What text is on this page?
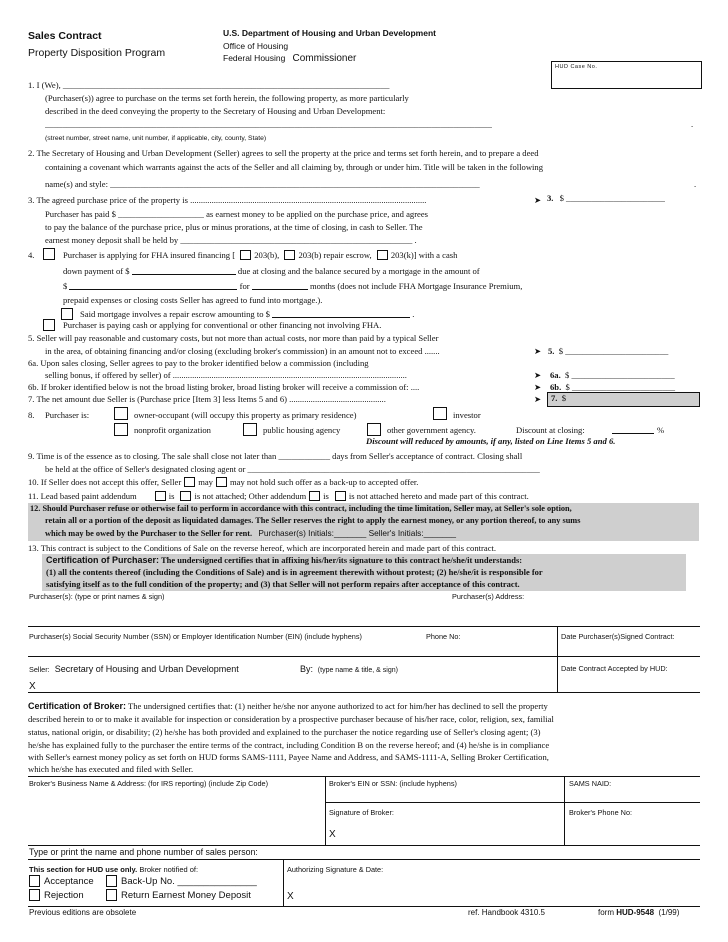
Sales Contract
Property Disposition Program
U.S. Department of Housing and Urban Development
Office of Housing
Federal Housing Commissioner
HUD Case No.
1. I (We), ____________________________________________________________________________
(Purchaser(s)) agree to purchase on the terms set forth herein, the following property, as more particularly
described in the deed conveying the property to the Secretary of Housing and Urban Development:
________________________________________________________________________________________________________	.
(street number, street name, unit number, if applicable, city, county, State)
2. The Secretary of Housing and Urban Development (Seller) agrees to sell the property at the price and terms set forth herein, and to prepare a deed
containing a covenant which warrants against the acts of the Seller and all claiming by, through or under him. Title will be taken in the following
name(s) and style: ______________________________________________________________________________________	.
3. The agreed purchase price of the property is ..............................................................................................................	➤ 3. $ _______________________
Purchaser has paid $ ____________________ as earnest money to be applied on the purchase price, and agrees
to pay the balance of the purchase price, plus or minus prorations, at the time of closing, in cash to Seller. The
earnest money deposit shall be held by ______________________________________________________ .
4.	Purchaser is applying for FHA insured financing [ 203(b), 203(b) repair escrow, 203(k)] with a cash
down payment of $	due at closing and the balance secured by a mortgage in the amount of
$	for	months (does not include FHA Mortgage Insurance Premium,
prepaid expenses or closing costs Seller has agreed to fund into mortgage.).
Said mortgage involves a repair escrow amounting to $	.
Purchaser is paying cash or applying for conventional or other financing not involving FHA.
5. Seller will pay reasonable and customary costs, but not more than actual costs, nor more than paid by a typical Seller
in the area, of obtaining financing and/or closing (excluding broker's commission) in an amount not to exceed .......	➤ 5. $ ________________________
6a. Upon sales closing, Seller agrees to pay to the broker identified below a commission (including
selling bonus, if offered by seller) of .............................................................................................................	➤ 6a. $ ________________________
6b. If broker identified below is not the broad listing broker, broad listing broker will receive a commission of: ....	➤ 6b. $ ________________________
7. The net amount due Seller is (Purchase price [Item 3] less Items 5 and 6) .............................................	➤	7. $
8. Purchaser is:	owner-occupant (will occupy this property as primary residence)	investor
nonprofit organization	public housing agency	other government agency.	Discount at closing:	%
Discount will reduced by amounts, if any, listed on Line Items 5 and 6.
9. Time is of the essence as to closing. The sale shall close not later than ____________ days from Seller's acceptance of contract. Closing shall
be held at the office of Seller's designated closing agent or ____________________________________________________________________
10. If Seller does not accept this offer, Seller may may not hold such offer as a back-up to accepted offer.
11. Lead based paint addendum	is is not attached; Other addendum is is not attached hereto and made part of this contract.
12. Should Purchaser refuse or otherwise fail to perform in accordance with this contract, including the time limitation, Seller may, at Seller's sole option,
retain all or a portion of the deposit as liquidated damages. The Seller reserves the right to apply the earnest money, or any portion thereof, to any sums
which may be owed by the Purchaser to the Seller for rent. Purchaser(s) Initials:_______ Seller's Initials:_______
13. This contract is subject to the Conditions of Sale on the reverse hereof, which are incorporated herein and made part of this contract.
Certification of Purchaser: The undersigned certifies that in affixing his/her/its signature to this contract he/she/it understands:
(1) all the contents thereof (including the Conditions of Sale) and is in agreement therewith without protest; (2) he/she/it is responsible for
satisfying itself as to the full condition of the property; and (3) that Seller will not perform repairs after acceptance of this contract.
Purchaser(s): (type or print names & sign)	Purchaser(s) Address:
Purchaser(s) Social Security Number (SSN) or Employer Identification Number (EIN) (include hyphens)	Phone No:	Date Purchaser(s)Signed Contract:
Seller: Secretary of Housing and Urban Development	By: (type name & title, & sign)	Date Contract Accepted by HUD:
X
Certification of Broker: The undersigned certifies that: (1) neither he/she nor anyone authorized to act for him/her has declined to sell the property
described herein to or to make it available for inspection or consideration by a prospective purchaser because of his/her race, color, religion, sex, familial
status, national origin, or disability; (2) he/she has both provided and explained to the purchaser the notice regarding use of Seller's closing agent; (3)
he/she has explained fully to the purchaser the entire terms of the contract, including Condition B on the reverse hereof; and (4) he/she is in compliance
with Seller's earnest money policy as set forth on HUD forms SAMS-1111, Payee Name and Address, and SAMS-1111-A, Selling Broker Certification,
which he/she has executed and filed with Seller.
Broker's Business Name & Address: (for IRS reporting) (include Zip Code)	Broker's EIN or SSN: (include hyphens)	SAMS NAID:
Signature of Broker:	Broker's Phone No:
X
Type or print the name and phone number of sales person:
This section for HUD use only. Broker notified of:	Authorizing Signature & Date:
Acceptance	Back-Up No. _______________
Rejection	Return Earnest Money Deposit	X
Previous editions are obsolete	ref. Handbook 4310.5	form HUD-9548 (1/99)
